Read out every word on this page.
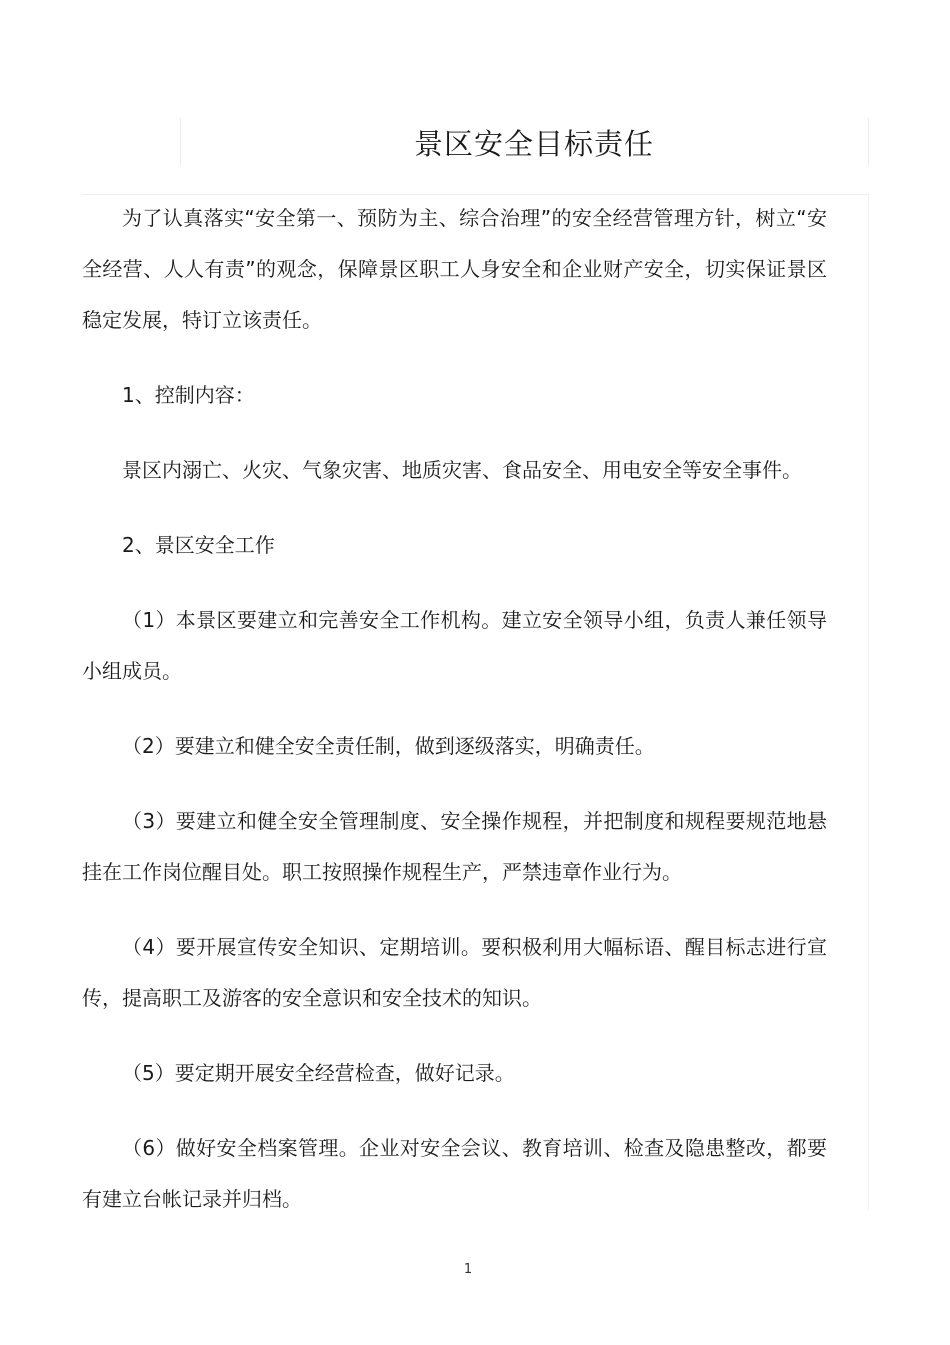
景区安全目标责任

为了认真落实“安全第一、预防为主、综合治理”的安全经营管理方针，树立“安全经营、人人有责”的观念，保障景区职工人身安全和企业财产安全，切实保证景区稳定发展，特订立该责任。

1、控制内容：

景区内溺亡、火灾、气象灾害、地质灾害、食品安全、用电安全等安全事件。

2、景区安全工作

（1）本景区要建立和完善安全工作机构。建立安全领导小组，负责人兼任领导小组成员。

（2）要建立和健全安全责任制，做到逐级落实，明确责任。

（3）要建立和健全安全管理制度、安全操作规程，并把制度和规程要规范地悬挂在工作岗位醒目处。职工按照操作规程生产，严禁违章作业行为。

（4）要开展宣传安全知识、定期培训。要积极利用大幅标语、醒目标志进行宣传，提高职工及游客的安全意识和安全技术的知识。

（5）要定期开展安全经营检查，做好记录。

（6）做好安全档案管理。企业对安全会议、教育培训、检查及隐患整改，都要有建立台帐记录并归档。

1
